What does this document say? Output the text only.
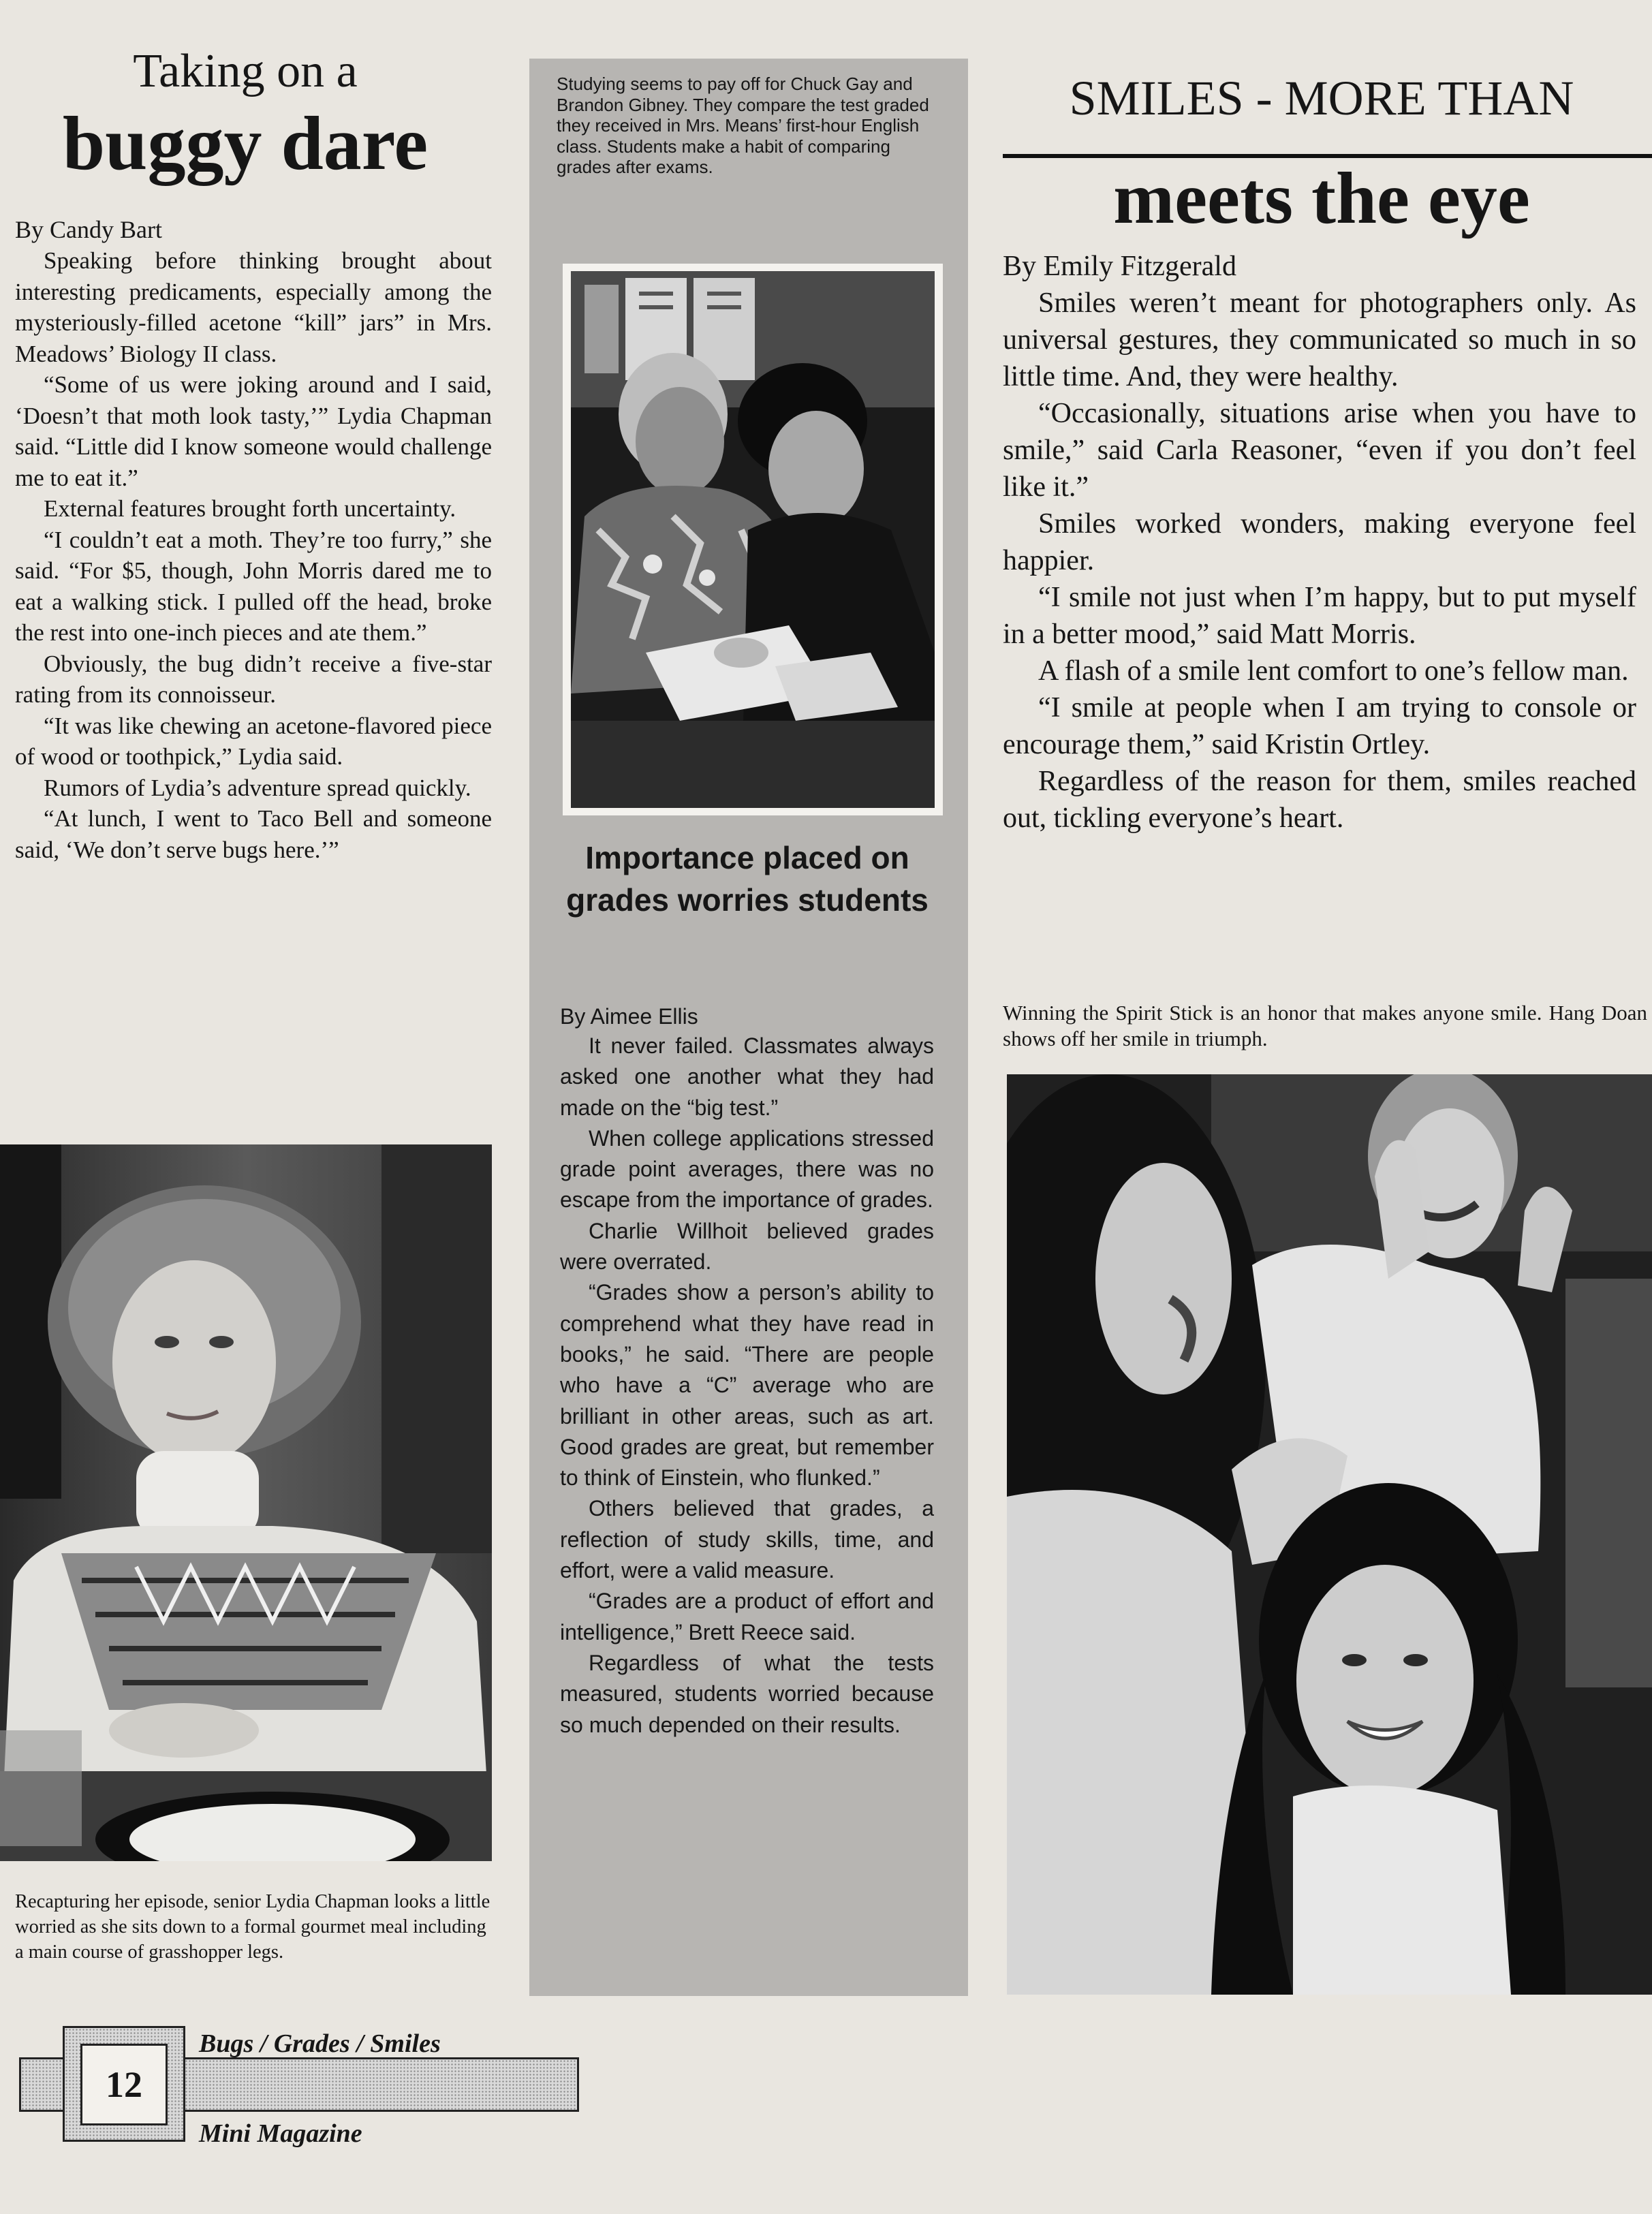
Taking on a
buggy dare
By Candy Bart

Speaking before thinking brought about interesting predicaments, especially among the mysteriously-filled acetone “kill” jars” in Mrs. Meadows’ Biology II class.

“Some of us were joking around and I said, ‘Doesn’t that moth look tasty,’” Lydia Chapman said. “Little did I know someone would challenge me to eat it.”

External features brought forth uncertainty.

“I couldn’t eat a moth. They’re too furry,” she said. “For $5, though, John Morris dared me to eat a walking stick. I pulled off the head, broke the rest into one-inch pieces and ate them.”

Obviously, the bug didn’t receive a five-star rating from its connoisseur.

“It was like chewing an acetone-flavored piece of wood or toothpick,” Lydia said.

Rumors of Lydia’s adventure spread quickly.

“At lunch, I went to Taco Bell and someone said, ‘We don’t serve bugs here.’”

Recapturing her episode, senior Lydia Chapman looks a little worried as she sits down to a formal gourmet meal including a main course of grasshopper legs.
Studying seems to pay off for Chuck Gay and Brandon Gibney. They compare the test graded they received in Mrs. Means’ first-hour English class. Students make a habit of comparing grades after exams.
Importance placed on grades worries students
By Aimee Ellis

It never failed. Classmates always asked one another what they had made on the “big test.”

When college applications stressed grade point averages, there was no escape from the importance of grades.

Charlie Willhoit believed grades were overrated.

“Grades show a person’s ability to comprehend what they have read in books,” he said. “There are people who have a “C” average who are brilliant in other areas, such as art. Good grades are great, but remember to think of Einstein, who flunked.”

Others believed that grades, a reflection of study skills, time, and effort, were a valid measure.

“Grades are a product of effort and intelligence,” Brett Reece said.

Regardless of what the tests measured, students worried because so much depended on their results.

SMILES - MORE THAN
meets the eye
By Emily Fitzgerald

Smiles weren’t meant for photographers only. As universal gestures, they communicated so much in so little time. And, they were healthy.

“Occasionally, situations arise when you have to smile,” said Carla Reasoner, “even if you don’t feel like it.”

Smiles worked wonders, making everyone feel happier.

“I smile not just when I’m happy, but to put myself in a better mood,” said Matt Morris.

A flash of a smile lent comfort to one’s fellow man.

“I smile at people when I am trying to console or encourage them,” said Kristin Ortley.

Regardless of the reason for them, smiles reached out, tickling everyone’s heart.

Winning the Spirit Stick is an honor that makes anyone smile. Hang Doan shows off her smile in triumph.
12
Bugs / Grades / Smiles
Mini Magazine
